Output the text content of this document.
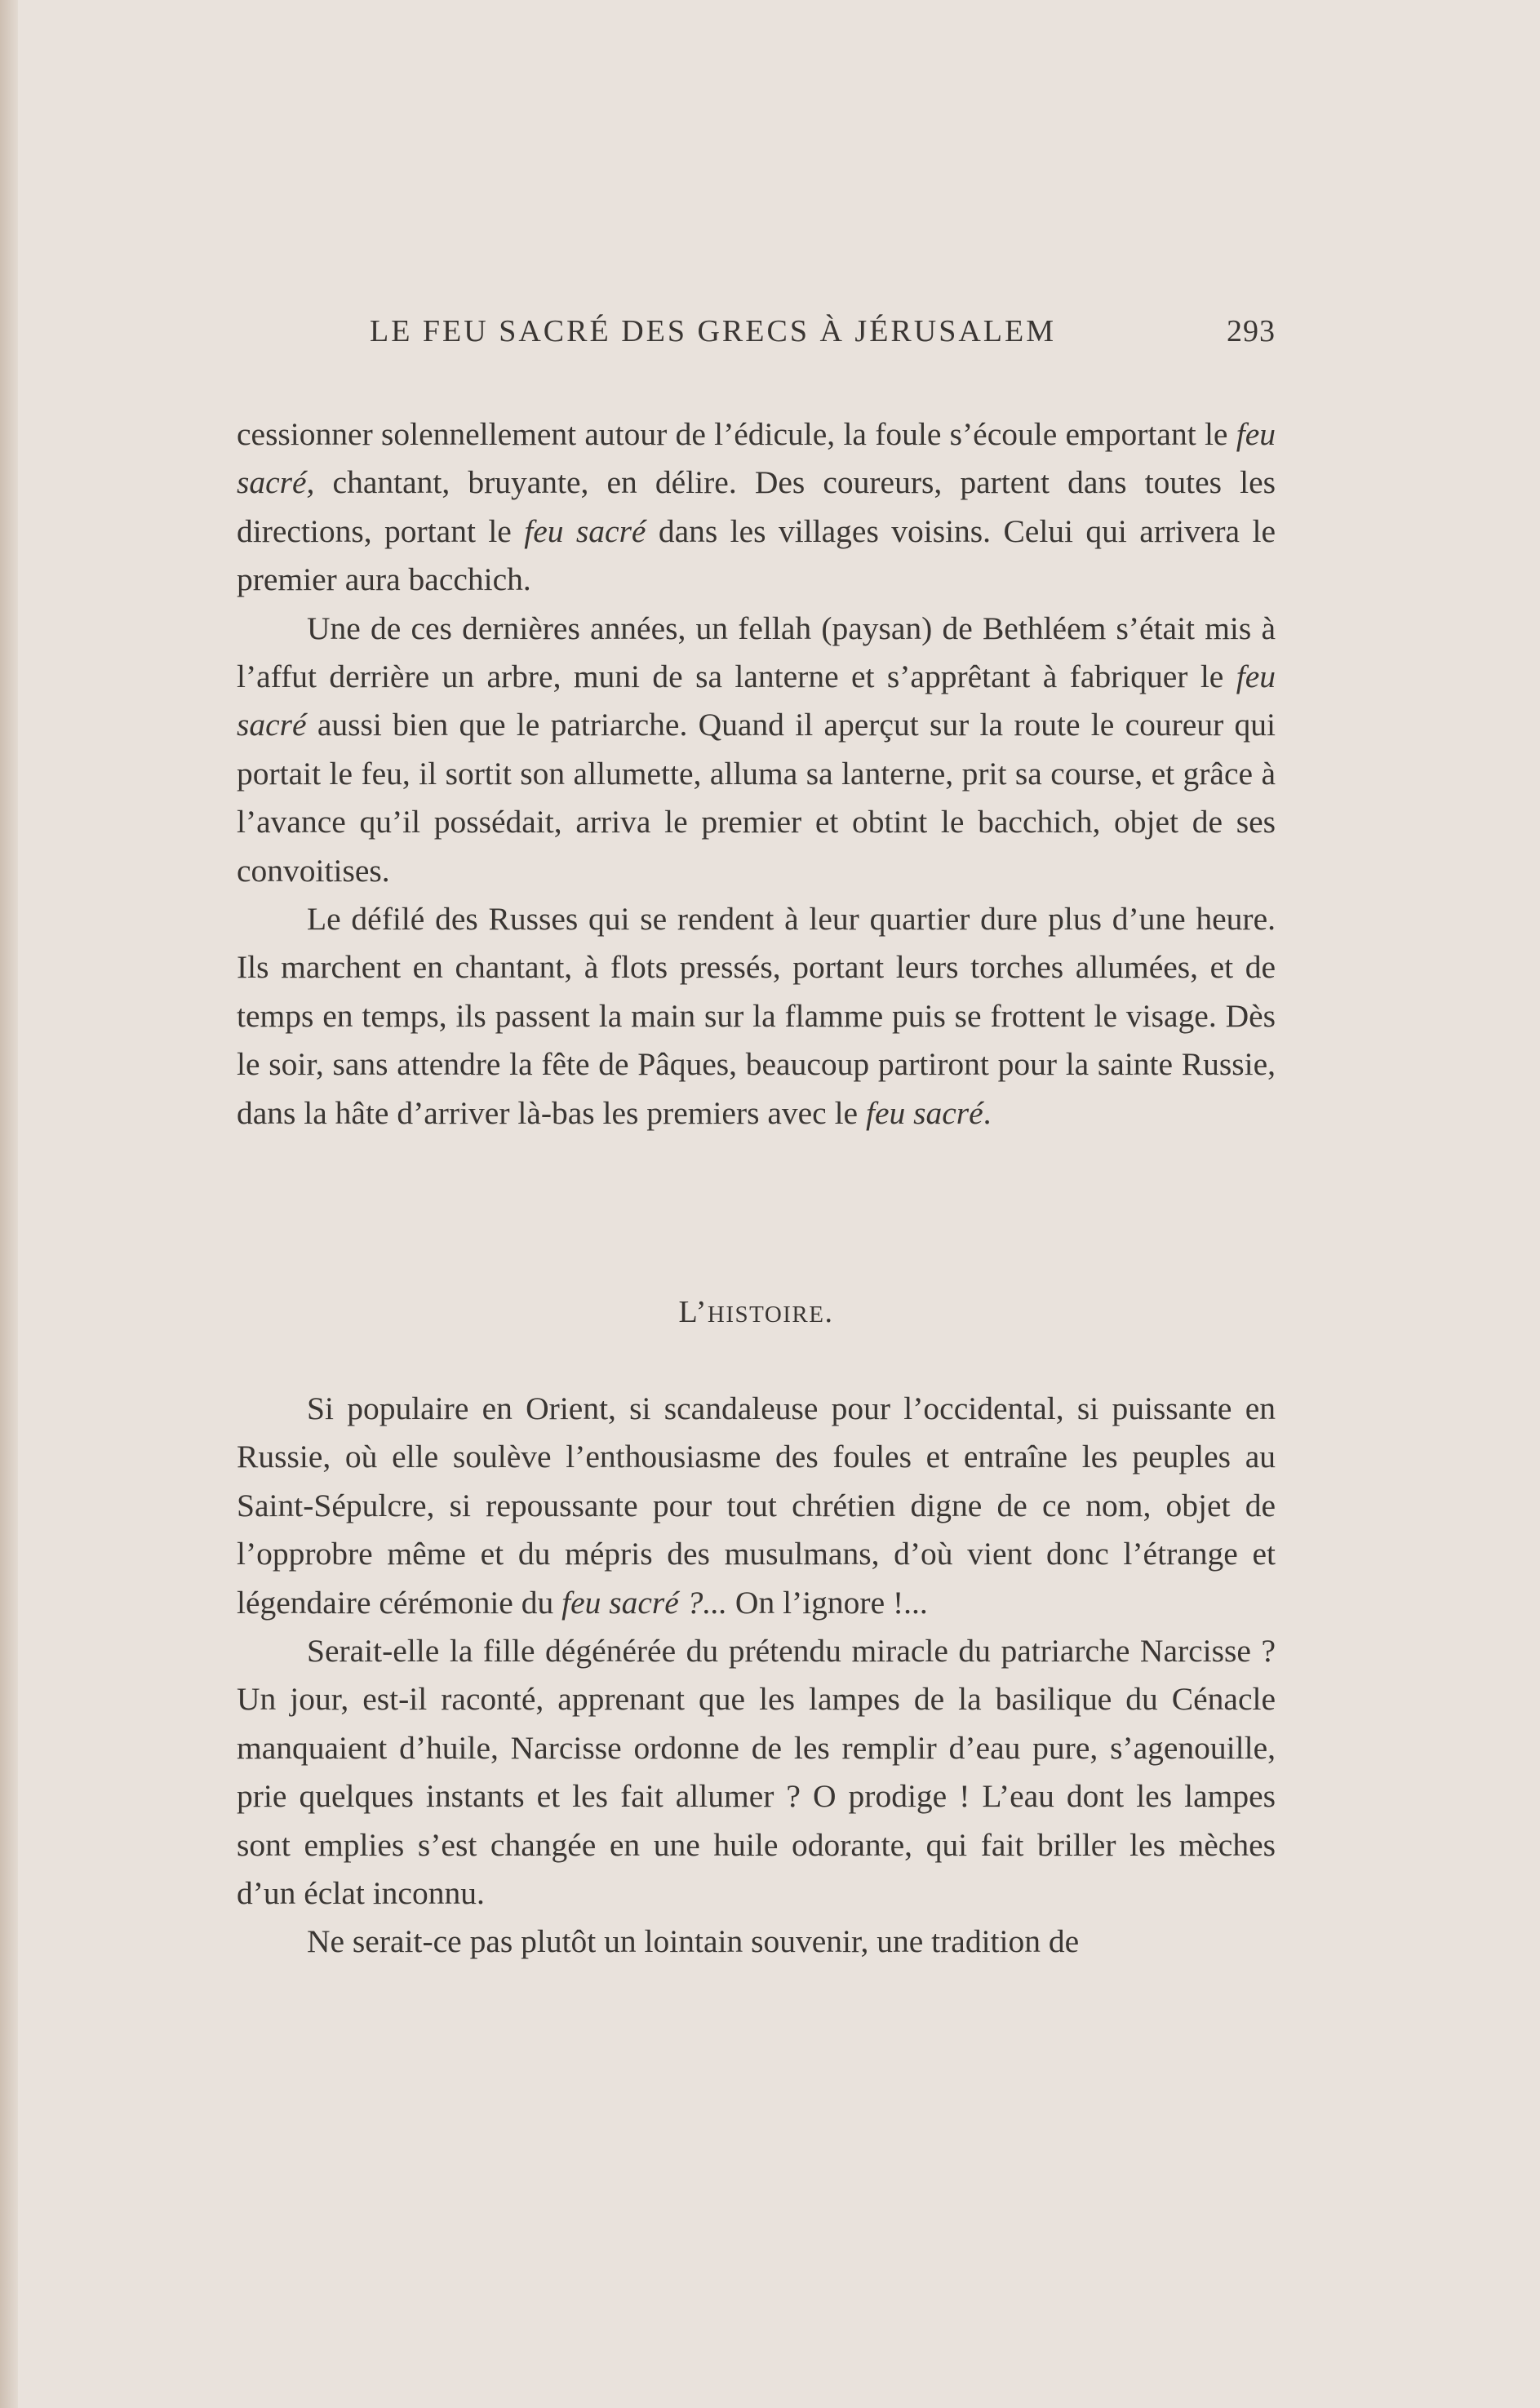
LE FEU SACRÉ DES GRECS À JÉRUSALEM	293

cessionner solennellement autour de l’édicule, la foule s’écoule emportant le feu sacré, chantant, bruyante, en délire. Des coureurs, partent dans toutes les directions, portant le feu sacré dans les villages voisins. Celui qui arrivera le premier aura bacchich.

Une de ces dernières années, un fellah (paysan) de Bethléem s’était mis à l’affut derrière un arbre, muni de sa lanterne et s’apprêtant à fabriquer le feu sacré aussi bien que le patriarche. Quand il aperçut sur la route le coureur qui portait le feu, il sortit son allumette, alluma sa lanterne, prit sa course, et grâce à l’avance qu’il possédait, arriva le premier et obtint le bacchich, objet de ses convoitises.

Le défilé des Russes qui se rendent à leur quartier dure plus d’une heure. Ils marchent en chantant, à flots pressés, portant leurs torches allumées, et de temps en temps, ils passent la main sur la flamme puis se frottent le visage. Dès le soir, sans attendre la fête de Pâques, beaucoup partiront pour la sainte Russie, dans la hâte d’arriver là-bas les premiers avec le feu sacré.

L’HISTOIRE.

Si populaire en Orient, si scandaleuse pour l’occidental, si puissante en Russie, où elle soulève l’enthousiasme des foules et entraîne les peuples au Saint-Sépulcre, si repoussante pour tout chrétien digne de ce nom, objet de l’opprobre même et du mépris des musulmans, d’où vient donc l’étrange et légendaire cérémonie du feu sacré ?... On l’ignore !...

Serait-elle la fille dégénérée du prétendu miracle du patriarche Narcisse ? Un jour, est-il raconté, apprenant que les lampes de la basilique du Cénacle manquaient d’huile, Narcisse ordonne de les remplir d’eau pure, s’agenouille, prie quelques instants et les fait allumer ? O prodige ! L’eau dont les lampes sont emplies s’est changée en une huile odorante, qui fait briller les mèches d’un éclat inconnu.

Ne serait-ce pas plutôt un lointain souvenir, une tradition de
